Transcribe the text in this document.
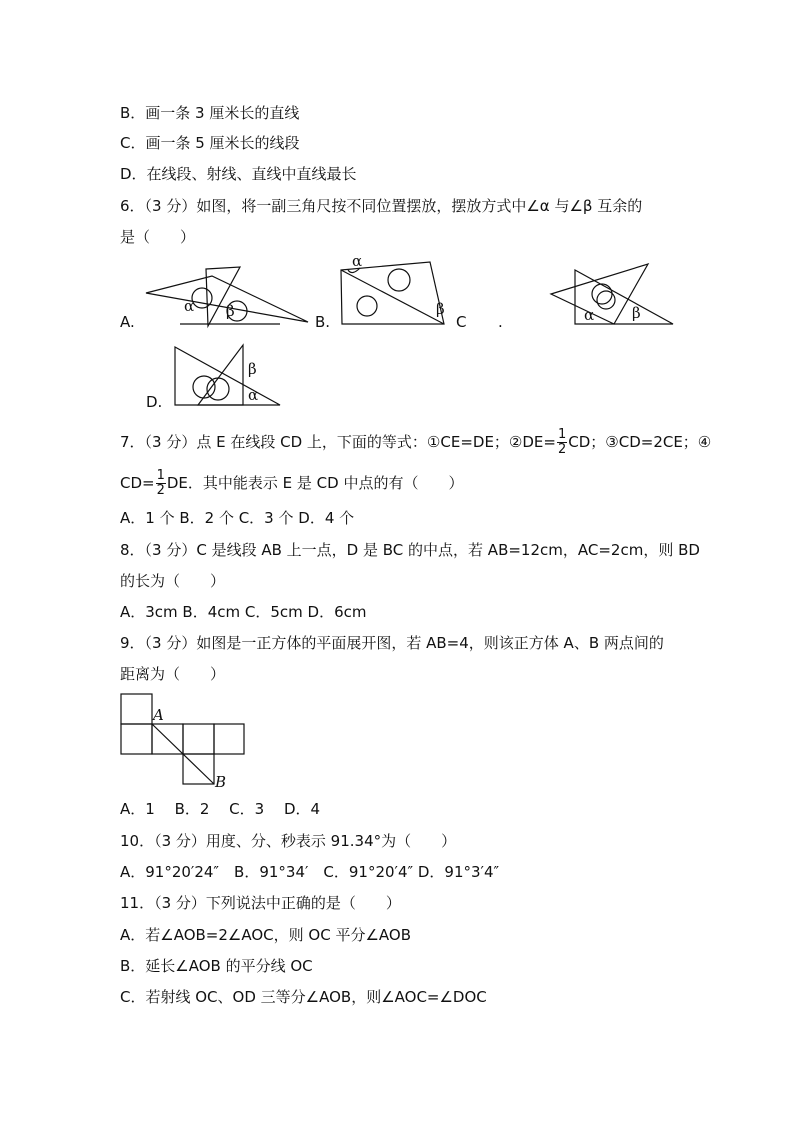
B．画一条 3 厘米长的直线
C．画一条 5 厘米长的线段
D．在线段、射线、直线中直线最长
6．（3 分）如图，将一副三角尺按不同位置摆放，摆放方式中∠α 与∠β 互余的
是（　　）
A.	B.	C .
D.
α β
α
β	α	β
β
α
7．（3 分）点 E 在线段 CD 上，下面的等式：①CE=DE；②DE= $\frac{1}{2}$ CD；③CD=2CE；④
$CD= \frac{1}{2}$ DE．其中能表示 E 是 CD 中点的有（　　）
A．1 个 B．2 个 C．3 个 D．4 个
8．（3 分）C 是线段 AB 上一点，D 是 BC 的中点，若 AB=12cm，AC=2cm，则 BD
的长为（　　）
A．3cm B．4cm C．5cm D．6cm
9．（3 分）如图是一正方体的平面展开图，若 AB=4，则该正方体 A、B 两点间的
距离为（　　）
A
B
A．1　 B．2　 C．3　 D．4
10．（3 分）用度、分、秒表示 91.34°为（　　）
A．91°20′24″　B．91°34′　C．91°20′4″ D．91°3′4″
11．（3 分）下列说法中正确的是（　　）
A．若∠AOB=2∠AOC，则 OC 平分∠AOB
B．延长∠AOB 的平分线 OC
C．若射线 OC、OD 三等分∠AOB，则∠AOC=∠DOC
